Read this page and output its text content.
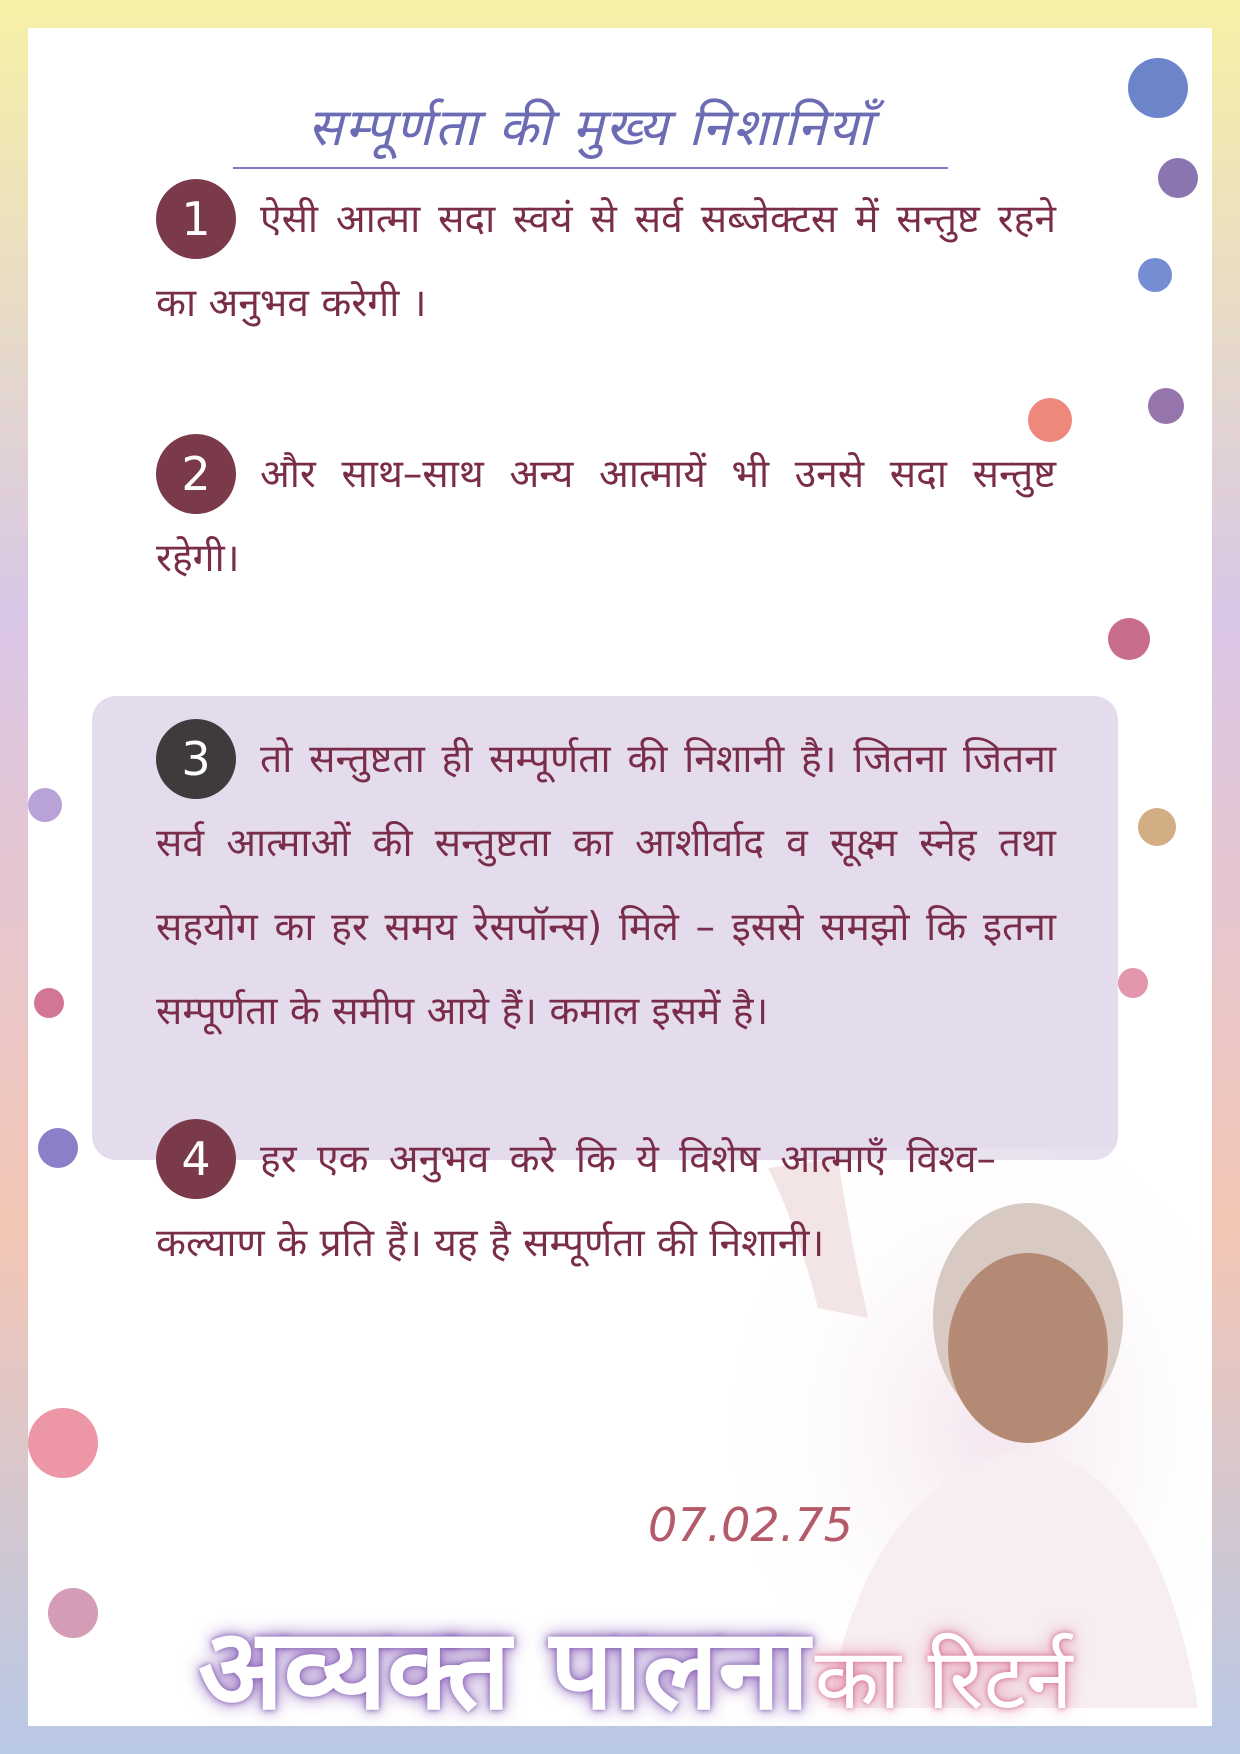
सम्पूर्णता की मुख्य निशानियाँ
1 ऐसी आत्मा सदा स्वयं से सर्व सब्जेक्टस में सन्तुष्ट रहने का अनुभव करेगी ।
2 और साथ–साथ अन्य आत्मायें भी उनसे सदा सन्तुष्ट रहेगी।
3 तो सन्तुष्टता ही सम्पूर्णता की निशानी है। जितना जितना सर्व आत्माओं की सन्तुष्टता का आशीर्वाद व सूक्ष्म स्नेह तथा सहयोग का हर समय रेसपॉन्स) मिले – इससे समझो कि इतना सम्पूर्णता के समीप आये हैं। कमाल इसमें है।
4 हर एक अनुभव करे कि ये विशेष आत्माएँ विश्व–कल्याण के प्रति हैं। यह है सम्पूर्णता की निशानी।
07.02.75
अव्यक्त पालना का रिटर्न
